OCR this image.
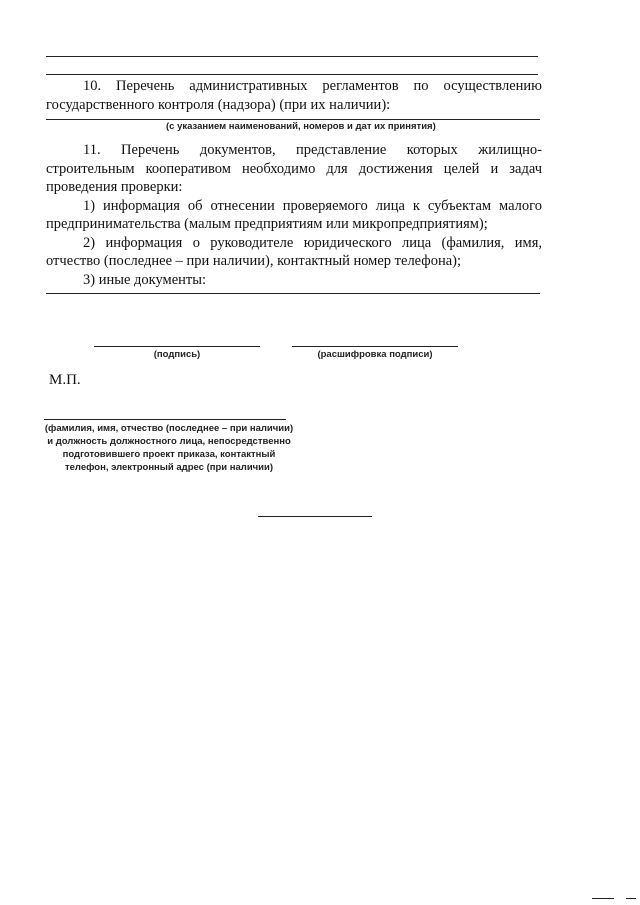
10. Перечень административных регламентов по осуществлению государственного контроля (надзора) (при их наличии):

(с указанием наименований, номеров и дат их принятия)

11. Перечень документов, представление которых жилищно-строительным кооперативом необходимо для достижения целей и задач проведения проверки:

1) информация об отнесении проверяемого лица к субъектам малого предпринимательства (малым предприятиям или микропредприятиям);

2) информация о руководителе юридического лица (фамилия, имя, отчество (последнее – при наличии), контактный номер телефона);

3) иные документы:

(подпись)	(расшифровка подписи)
М.П.
(фамилия, имя, отчество (последнее – при наличии)
и должность должностного лица, непосредственно
подготовившего проект приказа, контактный
телефон, электронный адрес (при наличии)
